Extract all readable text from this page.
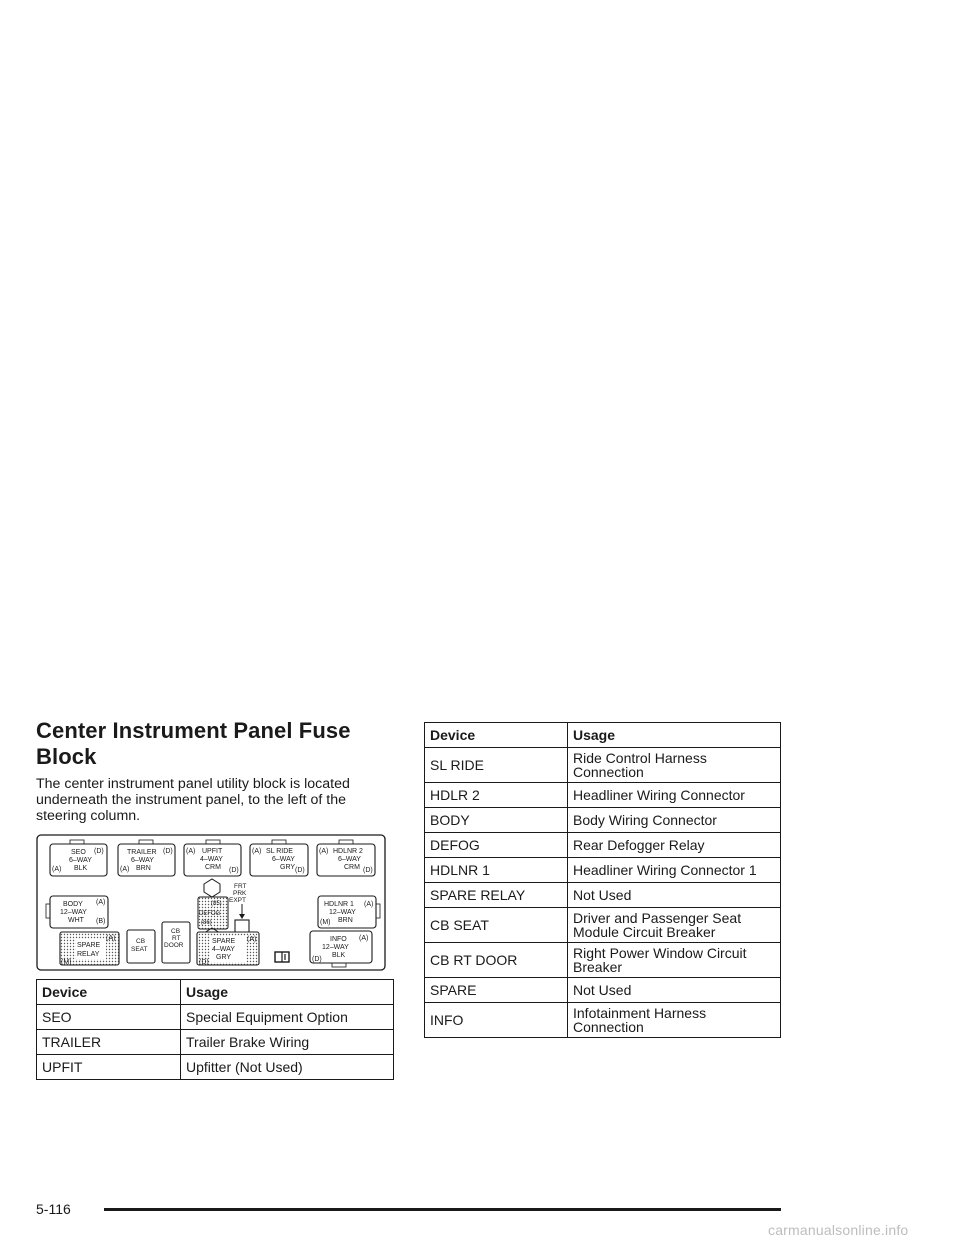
Center Instrument Panel Fuse Block

The center instrument panel utility block is located underneath the instrument panel, to the left of the steering column.

SEO
6–WAY
BLK
(D)
(A)
TRAILER
6–WAY
BRN
(D)
(A)
(A) UPFIT
4–WAY
CRM (D)
(A) SL RIDE
6–WAY
GRY (D)
(A) HDLNR 2
6–WAY
CRM (D)
BODY
12–WAY
WHT
(A)
(B)
(85)
DEFOG
(86)
FRT
PRK
EXPT
HDLNR 1
12–WAY
BRN
(A)
(M)
SPARE
RELAY
(A)
(M)
CB
SEAT
CB
RT
DOOR
SPARE
4–WAY
GRY
(A)
(D)
INFO
12–WAY
BLK
(A)
(D)
Device	Usage
SEO	Special Equipment Option
TRAILER	Trailer Brake Wiring
UPFIT	Upfitter (Not Used)
Device	Usage
SL RIDE	Ride Control Harness Connection
HDLR 2	Headliner Wiring Connector
BODY	Body Wiring Connector
DEFOG	Rear Defogger Relay
HDLNR 1	Headliner Wiring Connector 1
SPARE RELAY	Not Used
CB SEAT	Driver and Passenger Seat Module Circuit Breaker
CB RT DOOR	Right Power Window Circuit Breaker
SPARE	Not Used
INFO	Infotainment Harness Connection
5-116
carmanualsonline.info
